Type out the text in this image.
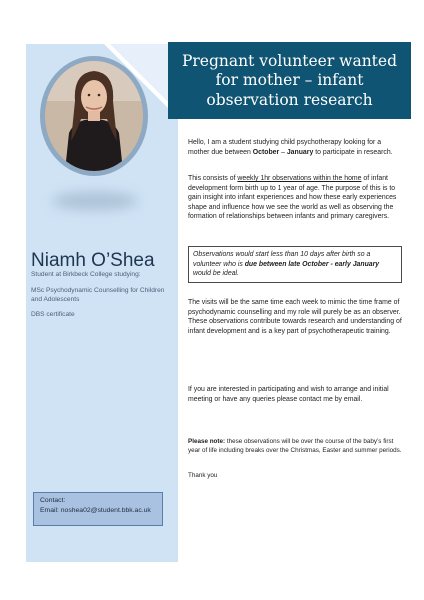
Niamh O’Shea
Student at Birkbeck College studying:
MSc Psychodynamic Counselling for Children and Adolescents
DBS certificate

Contact:

Email: noshea02@student.bbk.ac.uk

Pregnant volunteer wanted for mother – infant observation research

Hello, I am a student studying child psychotherapy looking for a mother due between October – January to participate in research.

This consists of weekly 1hr observations within the home of infant development form birth up to 1 year of age. The purpose of this is to gain insight into infant experiences and how these early experiences shape and influence how we see the world as well as observing the formation of relationships between infants and primary caregivers.

Observations would start less than 10 days after birth so a volunteer who is due between late October - early January would be ideal.

The visits will be the same time each week to mimic the time frame of psychodynamic counselling and my role will purely be as an observer. These observations contribute towards research and understanding of infant development and is a key part of psychotherapeutic training.

If you are interested in participating and wish to arrange and initial meeting or have any queries please contact me by email.

Please note: these observations will be over the course of the baby’s first year of life including breaks over the Christmas, Easter and summer periods.

Thank you
